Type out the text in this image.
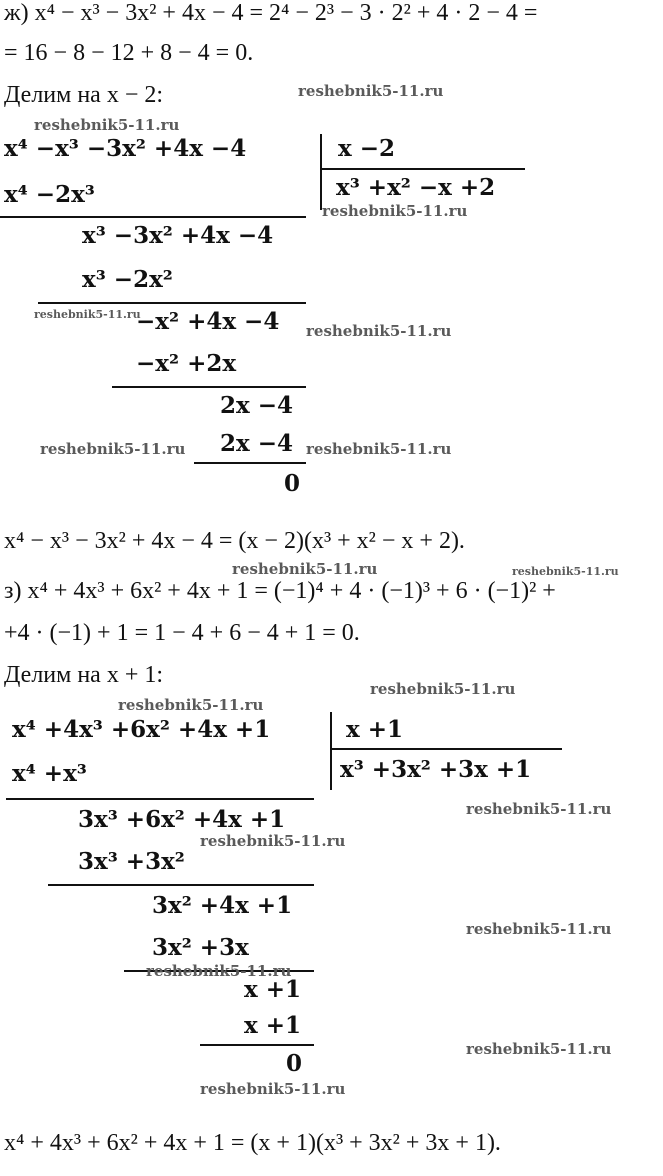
ж) x⁴ − x³ − 3x² + 4x − 4 = 2⁴ − 2³ − 3 · 2² + 4 · 2 − 4 =
= 16 − 8 − 12 + 8 − 4 = 0.
Делим на x − 2:
x⁴ −x³ −3x² +4x −4	x −2
x³ +x² −x +2
x⁴ −2x³
x³ −3x² +4x −4
x³ −2x²
−x² +4x −4
−x² +2x
2x −4
2x −4
0
x⁴ − x³ − 3x² + 4x − 4 = (x − 2)(x³ + x² − x + 2).
з) x⁴ + 4x³ + 6x² + 4x + 1 = (−1)⁴ + 4 · (−1)³ + 6 · (−1)² +
+4 · (−1) + 1 = 1 − 4 + 6 − 4 + 1 = 0.
Делим на x + 1:
x⁴ +4x³ +6x² +4x +1	x +1
x³ +3x² +3x +1
x⁴ +x³
3x³ +6x² +4x +1
3x³ +3x²
3x² +4x +1
3x² +3x
x +1
x +1
0
x⁴ + 4x³ + 6x² + 4x + 1 = (x + 1)(x³ + 3x² + 3x + 1).
reshebnik5-11.ru
reshebnik5-11.ru
reshebnik5-11.ru
reshebnik5-11.ru
reshebnik5-11.ru
reshebnik5-11.ru	reshebnik5-11.ru
reshebnik5-11.ru	reshebnik5-11.ru
reshebnik5-11.ru
reshebnik5-11.ru
reshebnik5-11.ru
reshebnik5-11.ru
reshebnik5-11.ru
reshebnik5-11.ru
reshebnik5-11.ru
reshebnik5-11.ru
